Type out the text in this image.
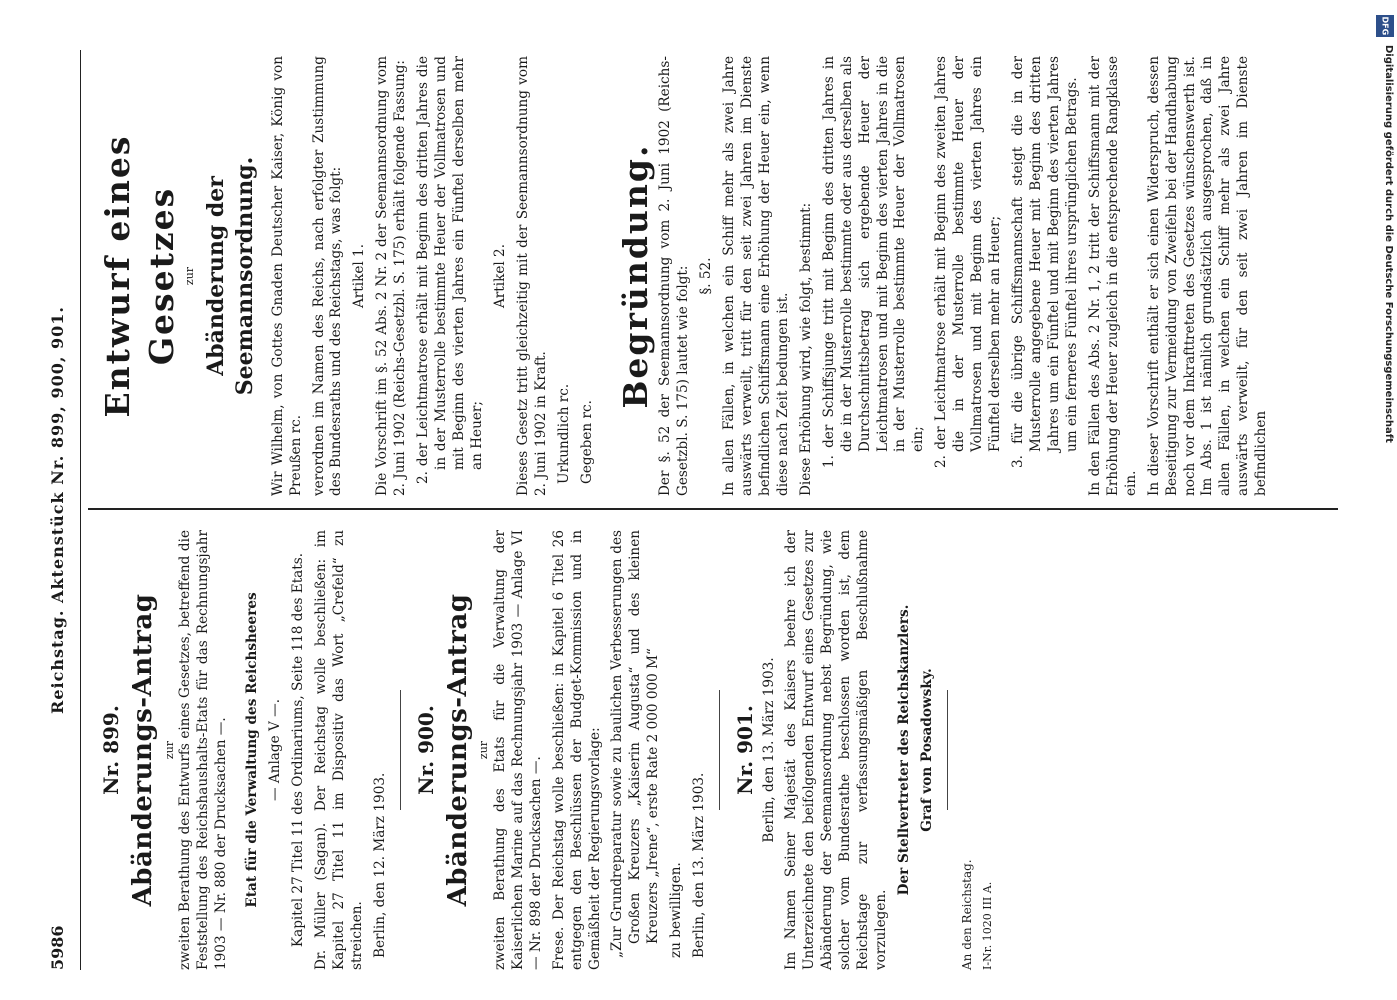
5986
Reichstag. Aktenstück Nr. 899, 900, 901.

Nr. 899. Abänderungs-Antrag zur zweiten Berathung des Entwurfs eines Gesetzes, betreffend die Feststellung des Reichshaushalts-Etats für das Rechnungsjahr 1903 — Nr. 880 der Drucksachen —. Etat für die Verwaltung des Reichsheeres — Anlage V —. Kapitel 27 Titel 11 des Ordinariums, Seite 118 des Etats. Dr. Müller (Sagan). Der Reichstag wolle beschließen: im Kapitel 27 Titel 11 im Dispositiv das Wort „Crefeld“ zu streichen. Berlin, den 12. März 1903.

Nr. 900. Abänderungs-Antrag zur zweiten Berathung des Etats für die Verwaltung der Kaiserlichen Marine auf das Rechnungsjahr 1903 — Anlage VI — Nr. 898 der Drucksachen —. Frese. Der Reichstag wolle beschließen: in Kapitel 6 Titel 26 entgegen den Beschlüssen der Budget-Kommission und in Gemäßheit der Regierungsvorlage: „Zur Grundreparatur sowie zu baulichen Verbesserungen des Großen Kreuzers „Kaiserin Augusta“ und des kleinen Kreuzers „Irene“, erste Rate 2 000 000 M“ zu bewilligen. Berlin, den 13. März 1903.

Nr. 901. Berlin, den 13. März 1903. Im Namen Seiner Majestät des Kaisers beehre ich der Unterzeichnete den beifolgenden Entwurf eines Gesetzes zur Abänderung der Seemannsordnung nebst Begründung, wie solcher vom Bundesrathe beschlossen worden ist, dem Reichstage zur verfassungsmäßigen Beschlußnahme vorzulegen.

Der Stellvertreter des Reichskanzlers. Graf von Posadowsky.

An den Reichstag. I-Nr. 1020 III A.

Entwurf eines Gesetzes zur Abänderung der Seemannsordnung. Wir Wilhelm, von Gottes Gnaden Deutscher Kaiser, König von Preußen rc. verordnen im Namen des Reichs, nach erfolgter Zustimmung des Bundesraths und des Reichstags, was folgt: Artikel 1. Die Vorschrift im §. 52 Abs. 2 Nr. 2 der Seemannsordnung vom 2. Juni 1902 (Reichs-Gesetzbl. S. 175) erhält folgende Fassung: 2. der Leichtmatrose erhält mit Beginn des dritten Jahres die in der Musterrolle bestimmte Heuer der Vollmatrosen und mit Beginn des vierten Jahres ein Fünftel derselben mehr an Heuer;

Artikel 2. Dieses Gesetz tritt gleichzeitig mit der Seemannsordnung vom 2. Juni 1902 in Kraft. Urkundlich rc. Gegeben rc.

Begründung. Der §. 52 der Seemannsordnung vom 2. Juni 1902 (Reichs-Gesetzbl. S. 175) lautet wie folgt: §. 52. In allen Fällen, in welchen ein Schiff mehr als zwei Jahre auswärts verweilt, tritt für den seit zwei Jahren im Dienste befindlichen Schiffsmann eine Erhöhung der Heuer ein, wenn diese nach Zeit bedungen ist. Diese Erhöhung wird, wie folgt, bestimmt: 1. der Schiffsjunge tritt mit Beginn des dritten Jahres in die in der Musterrolle bestimmte oder aus derselben als Durchschnittsbetrag sich ergebende Heuer der Leichtmatrosen und mit Beginn des vierten Jahres in die in der Musterrolle bestimmte Heuer der Vollmatrosen ein; 2. der Leichtmatrose erhält mit Beginn des zweiten Jahres die in der Musterrolle bestimmte Heuer der Vollmatrosen und mit Beginn des vierten Jahres ein Fünftel derselben mehr an Heuer; 3. für die übrige Schiffsmannschaft steigt die in der Musterrolle angegebene Heuer mit Beginn des dritten Jahres um ein Fünftel und mit Beginn des vierten Jahres um ein ferneres Fünftel ihres ursprünglichen Betrags. In den Fällen des Abs. 2 Nr. 1, 2 tritt der Schiffsmann mit der Erhöhung der Heuer zugleich in die entsprechende Rangklasse ein. In dieser Vorschrift enthält er sich einen Widerspruch, dessen Beseitigung zur Vermeidung von Zweifeln bei der Handhabung noch vor dem Inkrafttreten des Gesetzes wünschenswerth ist. Im Abs. 1 ist nämlich grundsätzlich ausgesprochen, daß in allen Fällen, in welchen ein Schiff mehr als zwei Jahre auswärts verweilt, für den seit zwei Jahren im Dienste befindlichen

DFG
Digitalisierung gefördert durch die Deutsche Forschungsgemeinschaft
